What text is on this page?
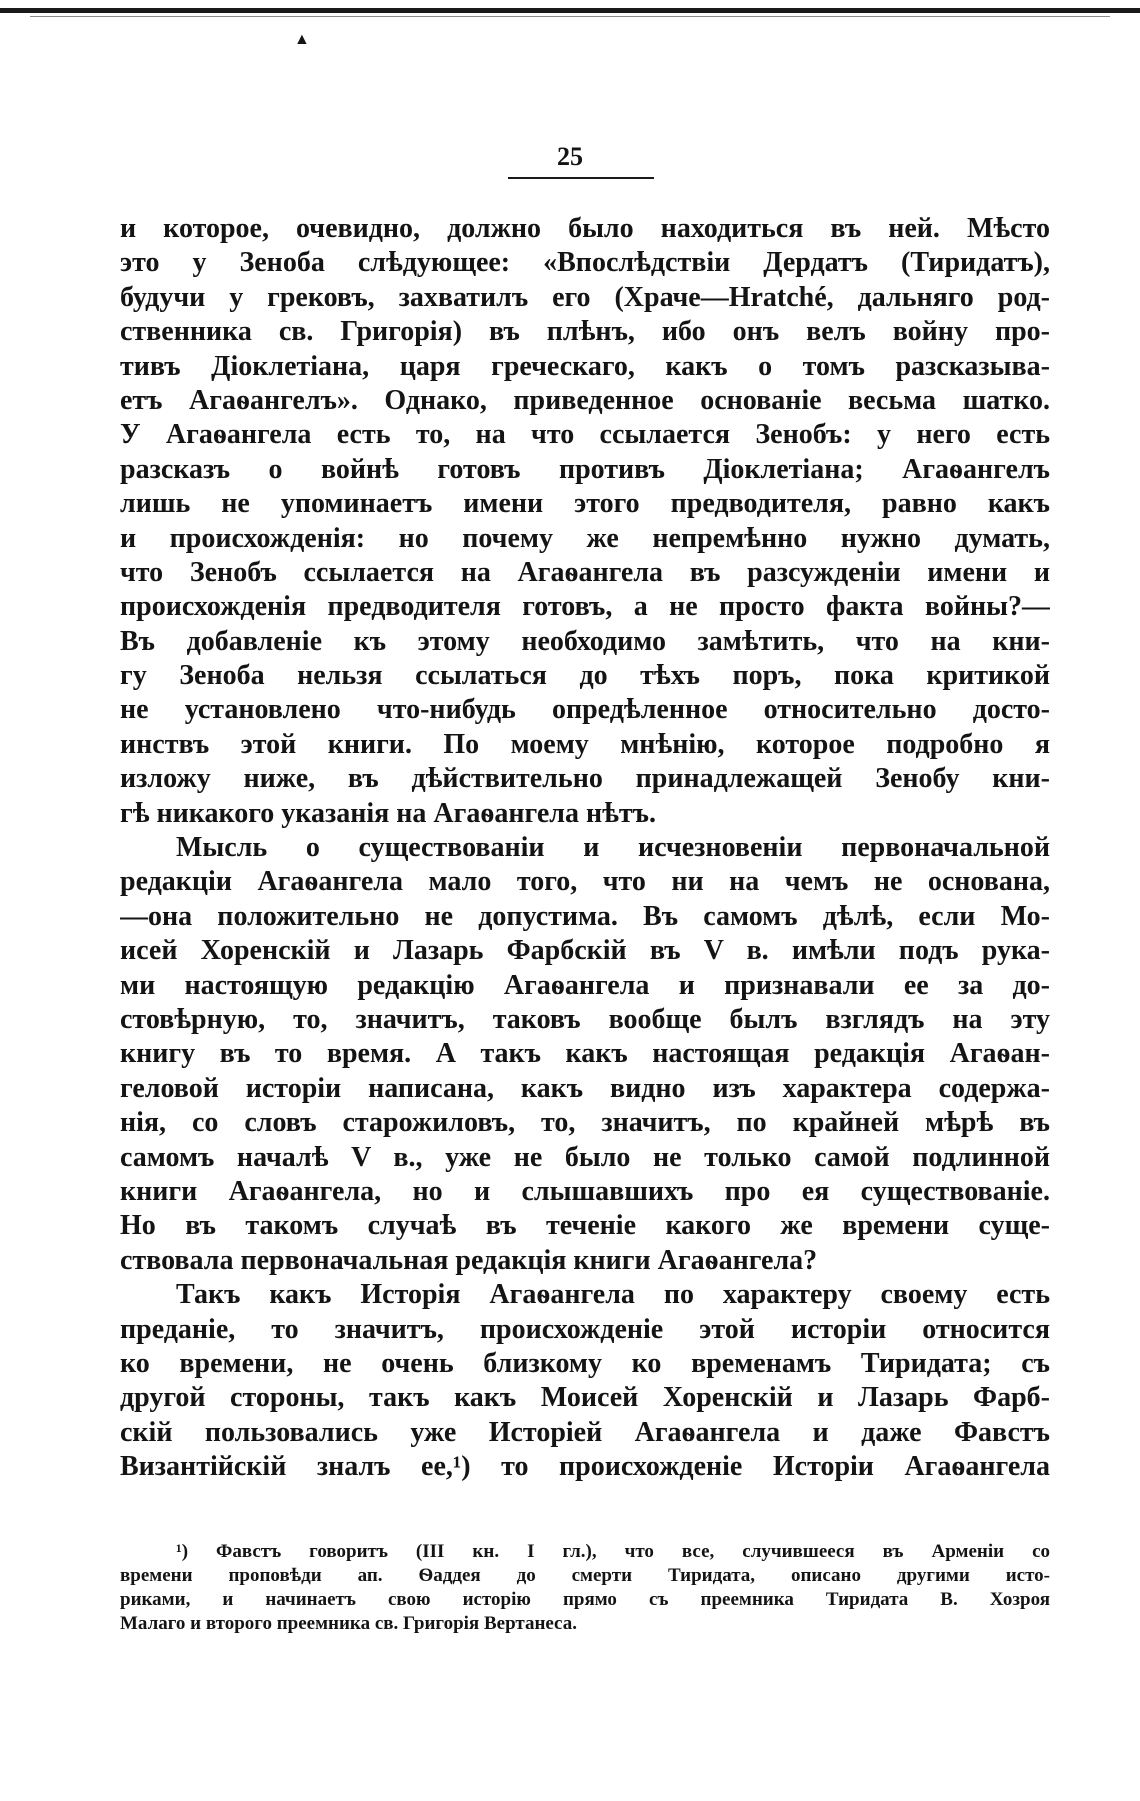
▲
25
и которое, очевидно, должно было находиться въ ней. Мѣсто
это у Зеноба слѣдующее: «Впослѣдствіи Дердатъ (Тиридатъ),
будучи у грековъ, захватилъ его (Храче—Hratché, дальняго род-
ственника св. Григорія) въ плѣнъ, ибо онъ велъ войну про-
тивъ Діоклетіана, царя греческаго, какъ о томъ разсказыва-
етъ Агаѳангелъ». Однако, приведенное основаніе весьма шатко.
У Агаѳангела есть то, на что ссылается Зенобъ: у него есть
разсказъ о войнѣ готовъ противъ Діоклетіана; Агаѳангелъ
лишь не упоминаетъ имени этого предводителя, равно какъ
и происхожденія: но почему же непремѣнно нужно думать,
что Зенобъ ссылается на Агаѳангела въ разсужденіи имени и
происхожденія предводителя готовъ, а не просто факта войны?—
Въ добавленіе къ этому необходимо замѣтить, что на кни-
гу Зеноба нельзя ссылаться до тѣхъ поръ, пока критикой
не установлено что-нибудь опредѣленное относительно досто-
инствъ этой книги. По моему мнѣнію, которое подробно я
изложу ниже, въ дѣйствительно принадлежащей Зенобу кни-
гѣ никакого указанія на Агаѳангела нѣтъ.
Мысль о существованіи и исчезновеніи первоначальной
редакціи Агаѳангела мало того, что ни на чемъ не основана,
—она положительно не допустима. Въ самомъ дѣлѣ, если Мо-
исей Хоренскій и Лазарь Фарбскій въ V в. имѣли подъ рука-
ми настоящую редакцію Агаѳангела и признавали ее за до-
стовѣрную, то, значитъ, таковъ вообще былъ взглядъ на эту
книгу въ то время. А такъ какъ настоящая редакція Агаѳан-
геловой исторіи написана, какъ видно изъ характера содержа-
нія, со словъ старожиловъ, то, значитъ, по крайней мѣрѣ въ
самомъ началѣ V в., уже не было не только самой подлинной
книги Агаѳангела, но и слышавшихъ про ея существованіе.
Но въ такомъ случаѣ въ теченіе какого же времени суще-
ствовала первоначальная редакція книги Агаѳангела?
Такъ какъ Исторія Агаѳангела по характеру своему есть
преданіе, то значитъ, происхожденіе этой исторіи относится
ко времени, не очень близкому ко временамъ Тиридата; съ
другой стороны, такъ какъ Моисей Хоренскій и Лазарь Фарб-
скій пользовались уже Исторіей Агаѳангела и даже Фавстъ
Византійскій зналъ ее,¹) то происхожденіе Исторіи Агаѳангела
¹) Фавстъ говоритъ (III кн. I гл.), что все, случившееся въ Арменіи со
времени проповѣди ап. Ѳаддея до смерти Тиридата, описано другими исто-
риками, и начинаетъ свою исторію прямо съ преемника Тиридата В. Хозроя
Малаго и второго преемника св. Григорія Вертанеса.
